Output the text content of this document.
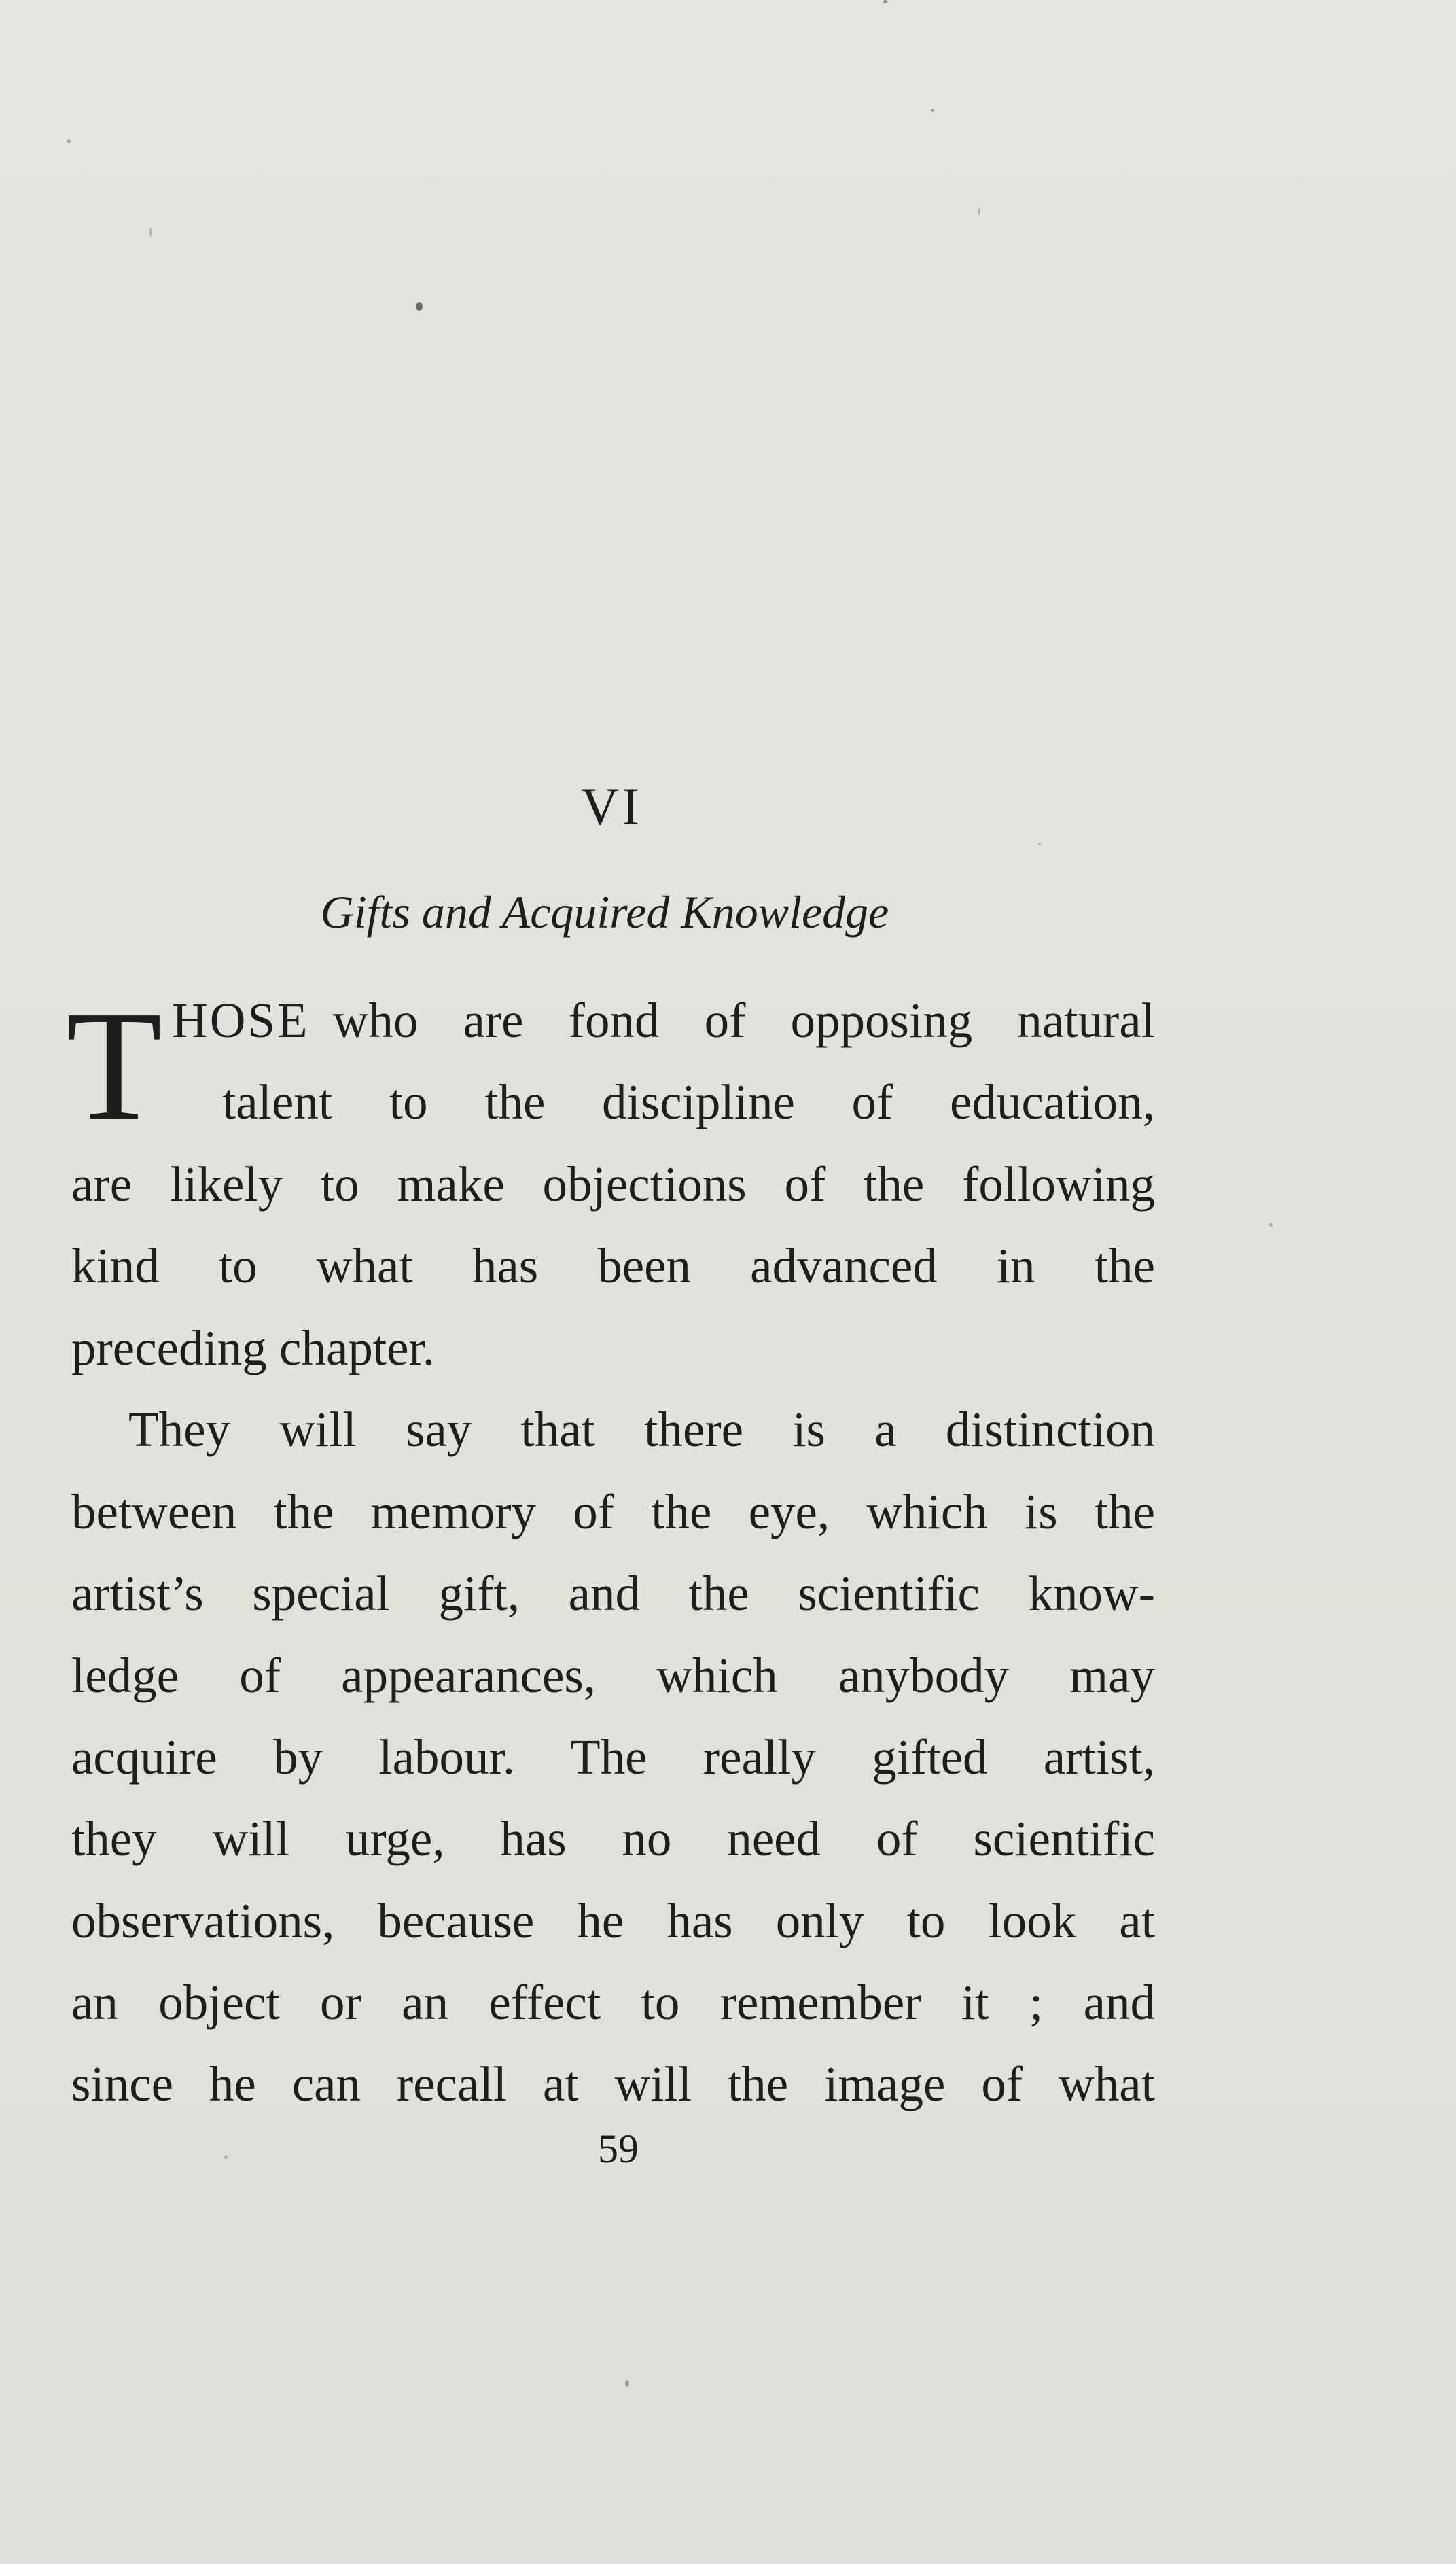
VI
Gifts and Acquired Knowledge
T HOSE who are fond of opposing natural
talent to the discipline of education,
are likely to make objections of the following
kind to what has been advanced in the
preceding chapter.
They will say that there is a distinction
between the memory of the eye, which is the
artist’s special gift, and the scientific know-
ledge of appearances, which anybody may
acquire by labour. The really gifted artist,
they will urge, has no need of scientific
observations, because he has only to look at
an object or an effect to remember it ; and
since he can recall at will the image of what
59
